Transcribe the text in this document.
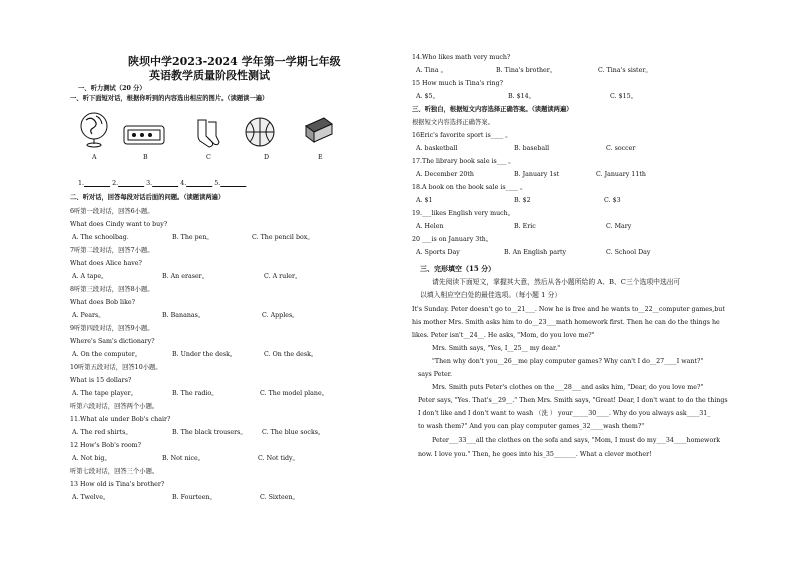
陕坝中学2023-2024 学年第一学期七年级
英语教学质量阶段性测试
一、听力测试（20 分）
一、听下面短对话，根据你听到的内容选出相应的图片。（读题读一遍）
A	B	C	D	E
1.	2.	3.	4.	5.
二、听对话，回答每段对话后面的问题。（读题读两遍）
6听第一段对话，回答6小题。
What does Cindy want to buy?
A. The schoolbag.	B. The pen。	C. The pencil box。
7听第二段对话，回答7小题。
What does Alice have?
A. A tape。	B. An eraser。	C. A ruler。
8听第三段对话，回答8小题。
What does Bob like?
A. Pears。	B. Bananas。	C. Apples。
9听第四段对话，回答9小题。
Where's Sam's dictionary?
A. On the computer。	B. Under the desk。	C. On the desk。
10听第五段对话，回答10小题。
What is 15 dollars?
A. The tape player。	B. The radio。	C. The model plane。
听第六段对话，回答两个小题。
11.What ale under Bob's chair?
A. The red shirts。	B. The black trousers。 C. The blue socks。
12 How's Bob's room?
A. Not big。	B. Not nice。	C. Not tidy。
听第七段对话，回答三个小题。
13 How old is Tina's brother?
A. Twelve。	B. Fourteen。	C. Sixteen。
14.Who likes math very much?
A. Tina 。	B. Tina's brother。	C. Tina's sister。
15 How much is Tina's ring?
A. $5。	B. $14。	C. $15。
三、听独白，根据短文内容选择正确答案。（读题读两遍）
根据短文内容选择正确答案。
16Eric's favorite sport is____ 。
A. basketball	B. baseball	C. soccer
17.The library book sale is___ 。
A. December 20th	B. January 1st	C. January 11th
18.A book on the book sale is____ 。
A. $1	B. $2	C. $3
19.___likes English very much。
A. Helen	B. Eric	C. Mary
20 ___is on January 3th。
A. Sports Day	B. An English party	C. School Day
三、完形填空（15 分）
请先阅读下面短文，掌握其大意，然后从各小题所给的 A、B、C三个选项中选出可
以填入相应空白处的最佳选项。（每小题 1 分）
It's Sunday. Peter doesn't go to__21___. Now he is free and he wants to__22__computer games,but
his mother Mrs. Smith asks him to do__23___math homework first. Then he can do the things he
likes. Peter isn't__24__. He asks, "Mom, do you love me?"
Mrs. Smith says, "Yes, I__25__ my dear."
"Then why don't you__26__me play computer games? Why can't I do__27____I want?"
says Peter.
Mrs. Smith puts Peter's clothes on the___28___and asks him, "Dear, do you love me?"
Peter says, "Yes. That's__29__." Then Mrs. Smith says, "Great! Dear, I don't want to do the things
I don't like and I don't want to wash （洗 ） your_____30____. Why do you always ask____31_
to wash them?" And you can play computer games_32____wash them?"
Peter___33___all the clothes on the sofa and says, "Mom, I must do my___34____homework
now. I love you." Then, he goes into his_35_______. What a clever mother!
